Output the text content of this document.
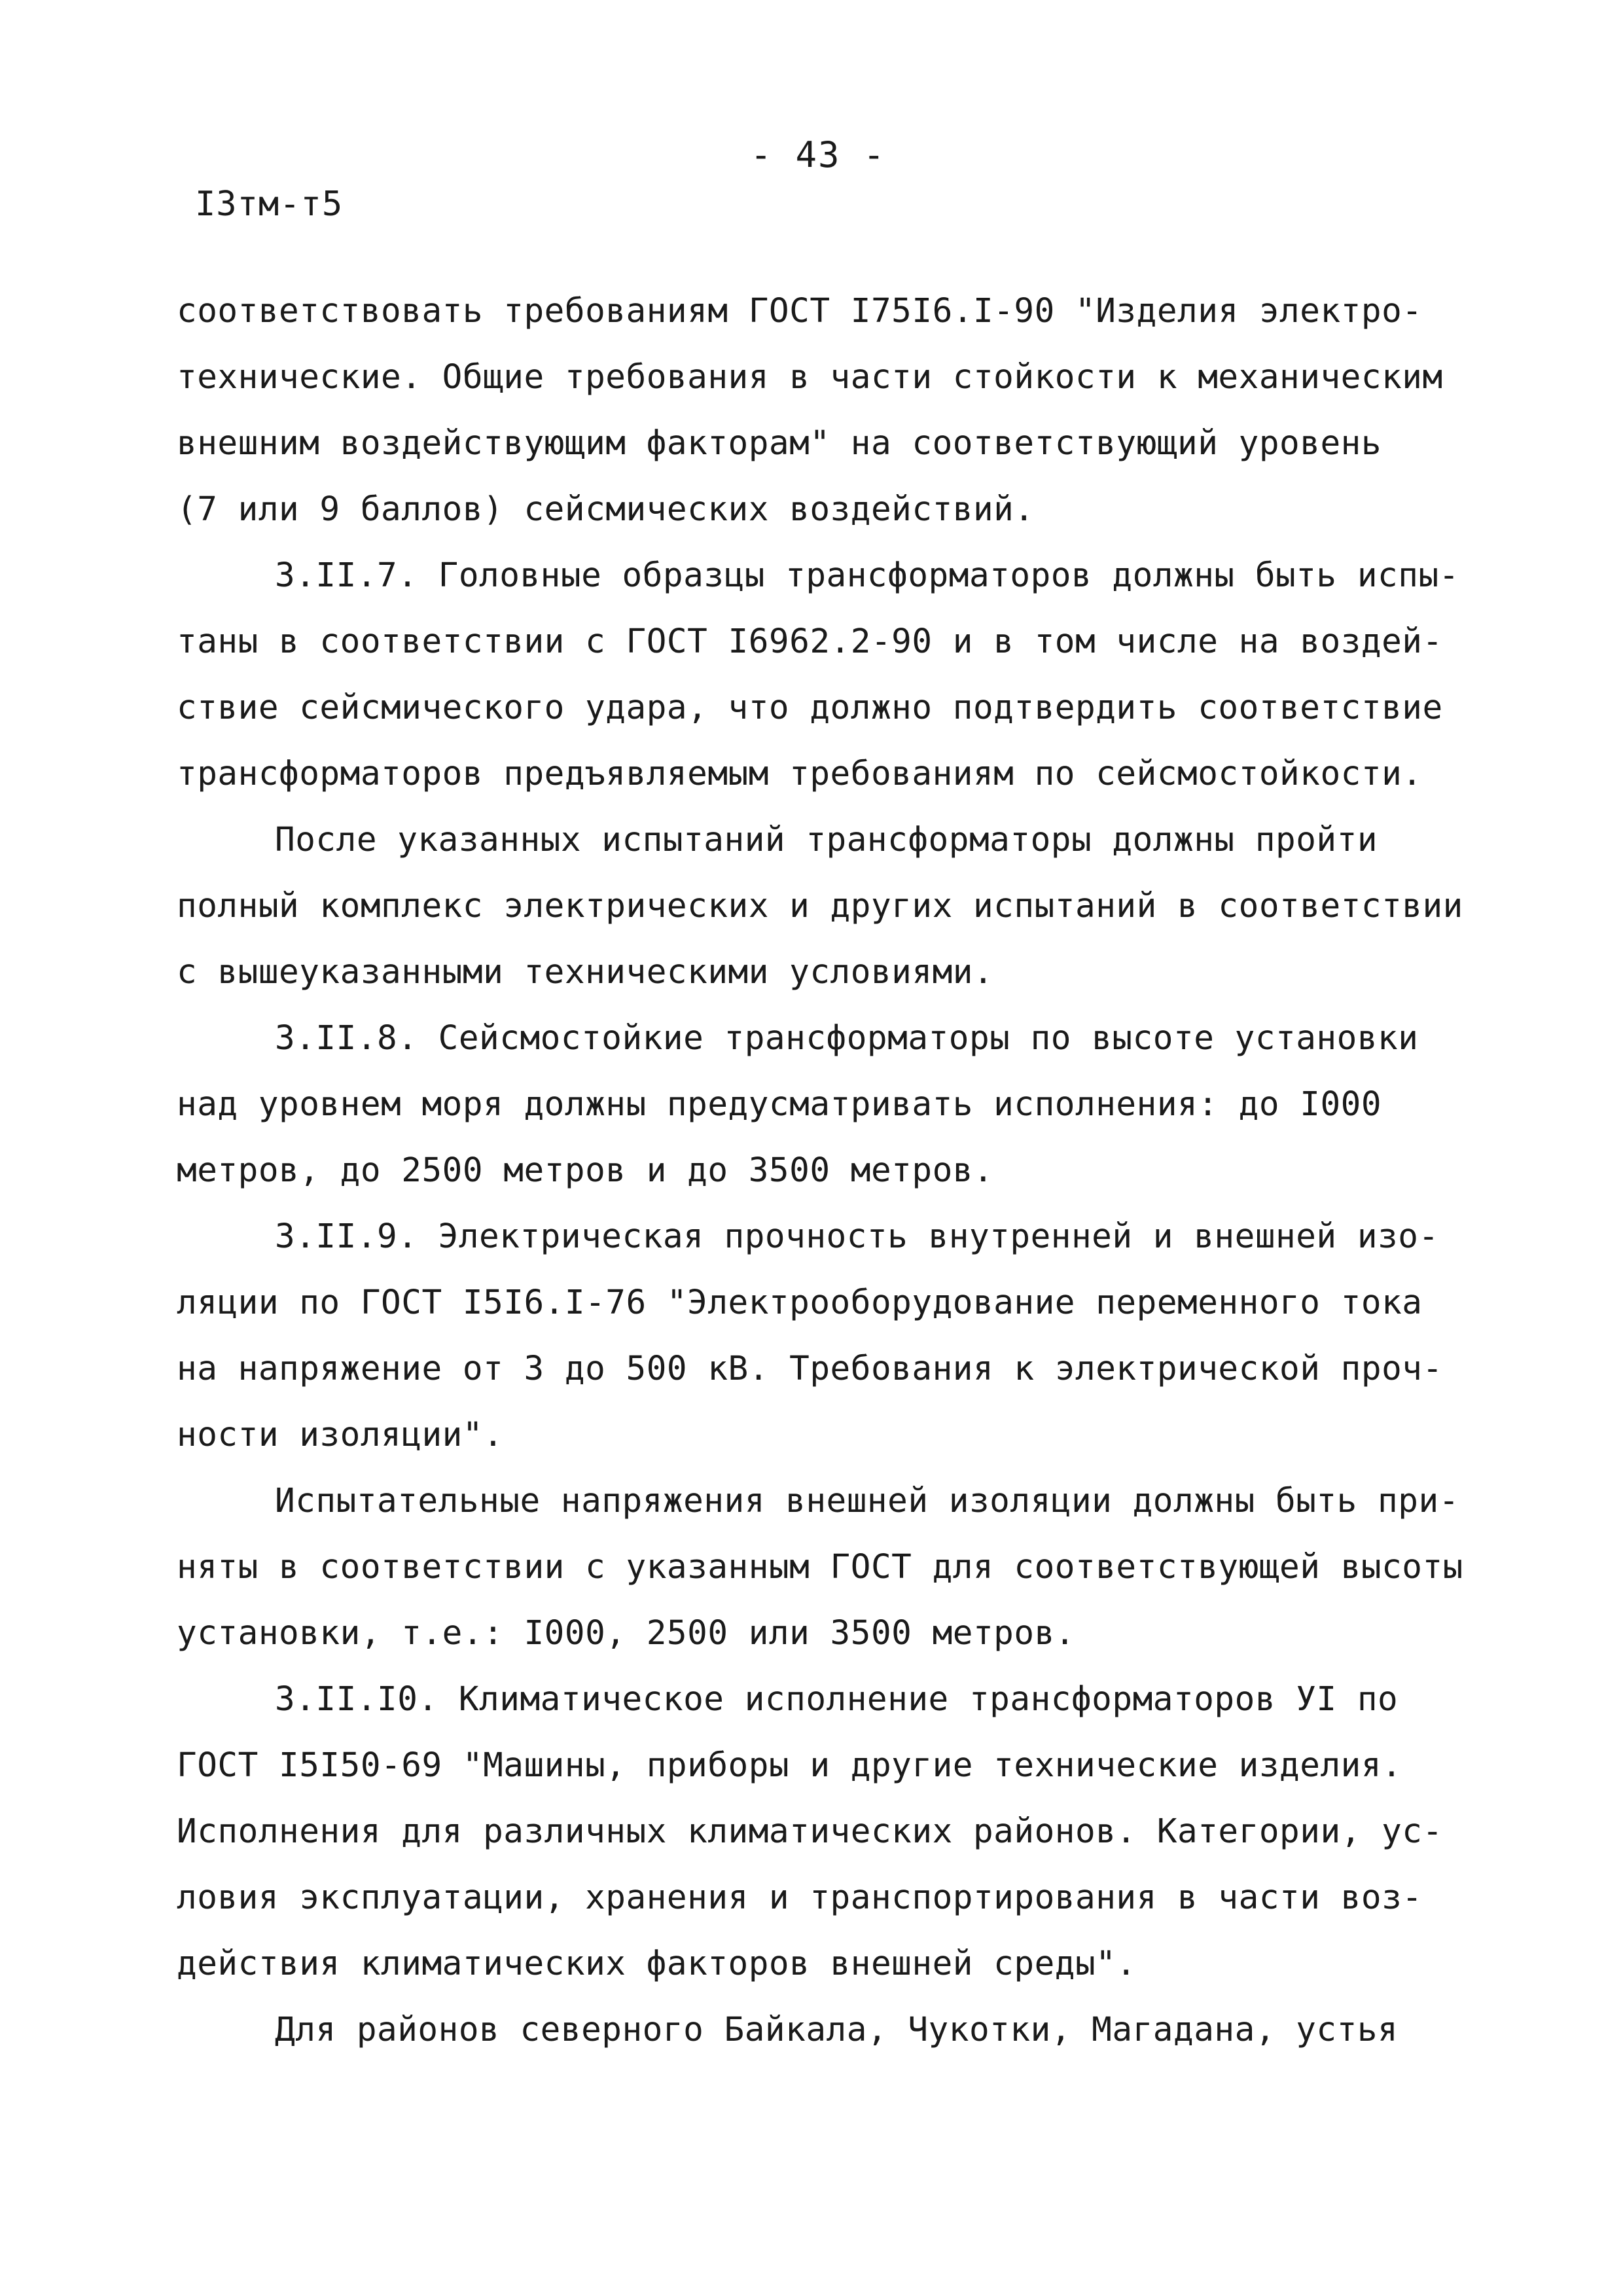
- 43 -
I3тм-т5
соответствовать требованиям ГОСТ I75I6.I-90 "Изделия электро-
технические. Общие требования в части стойкости к механическим
внешним воздействующим факторам" на соответствующий уровень
(7 или 9 баллов) сейсмических воздействий.
3.II.7. Головные образцы трансформаторов должны быть испы-
таны в соответствии с ГОСТ I6962.2-90 и в том числе на воздей-
ствие сейсмического удара, что должно подтвердить соответствие
трансформаторов предъявляемым требованиям по сейсмостойкости.
После указанных испытаний трансформаторы должны пройти
полный комплекс электрических и других испытаний в соответствии
с вышеуказанными техническими условиями.
3.II.8. Сейсмостойкие трансформаторы по высоте установки
над уровнем моря должны предусматривать исполнения: до I000
метров, до 2500 метров и до 3500 метров.
3.II.9. Электрическая прочность внутренней и внешней изо-
ляции по ГОСТ I5I6.I-76 "Электрооборудование переменного тока
на напряжение от 3 до 500 кВ. Требования к электрической проч-
ности изоляции".
Испытательные напряжения внешней изоляции должны быть при-
няты в соответствии с указанным ГОСТ для соответствующей высоты
установки, т.е.: I000, 2500 или 3500 метров.
3.II.I0. Климатическое исполнение трансформаторов УI по
ГОСТ I5I50-69 "Машины, приборы и другие технические изделия.
Исполнения для различных климатических районов. Категории, ус-
ловия эксплуатации, хранения и транспортирования в части воз-
действия климатических факторов внешней среды".
Для районов северного Байкала, Чукотки, Магадана, устья
